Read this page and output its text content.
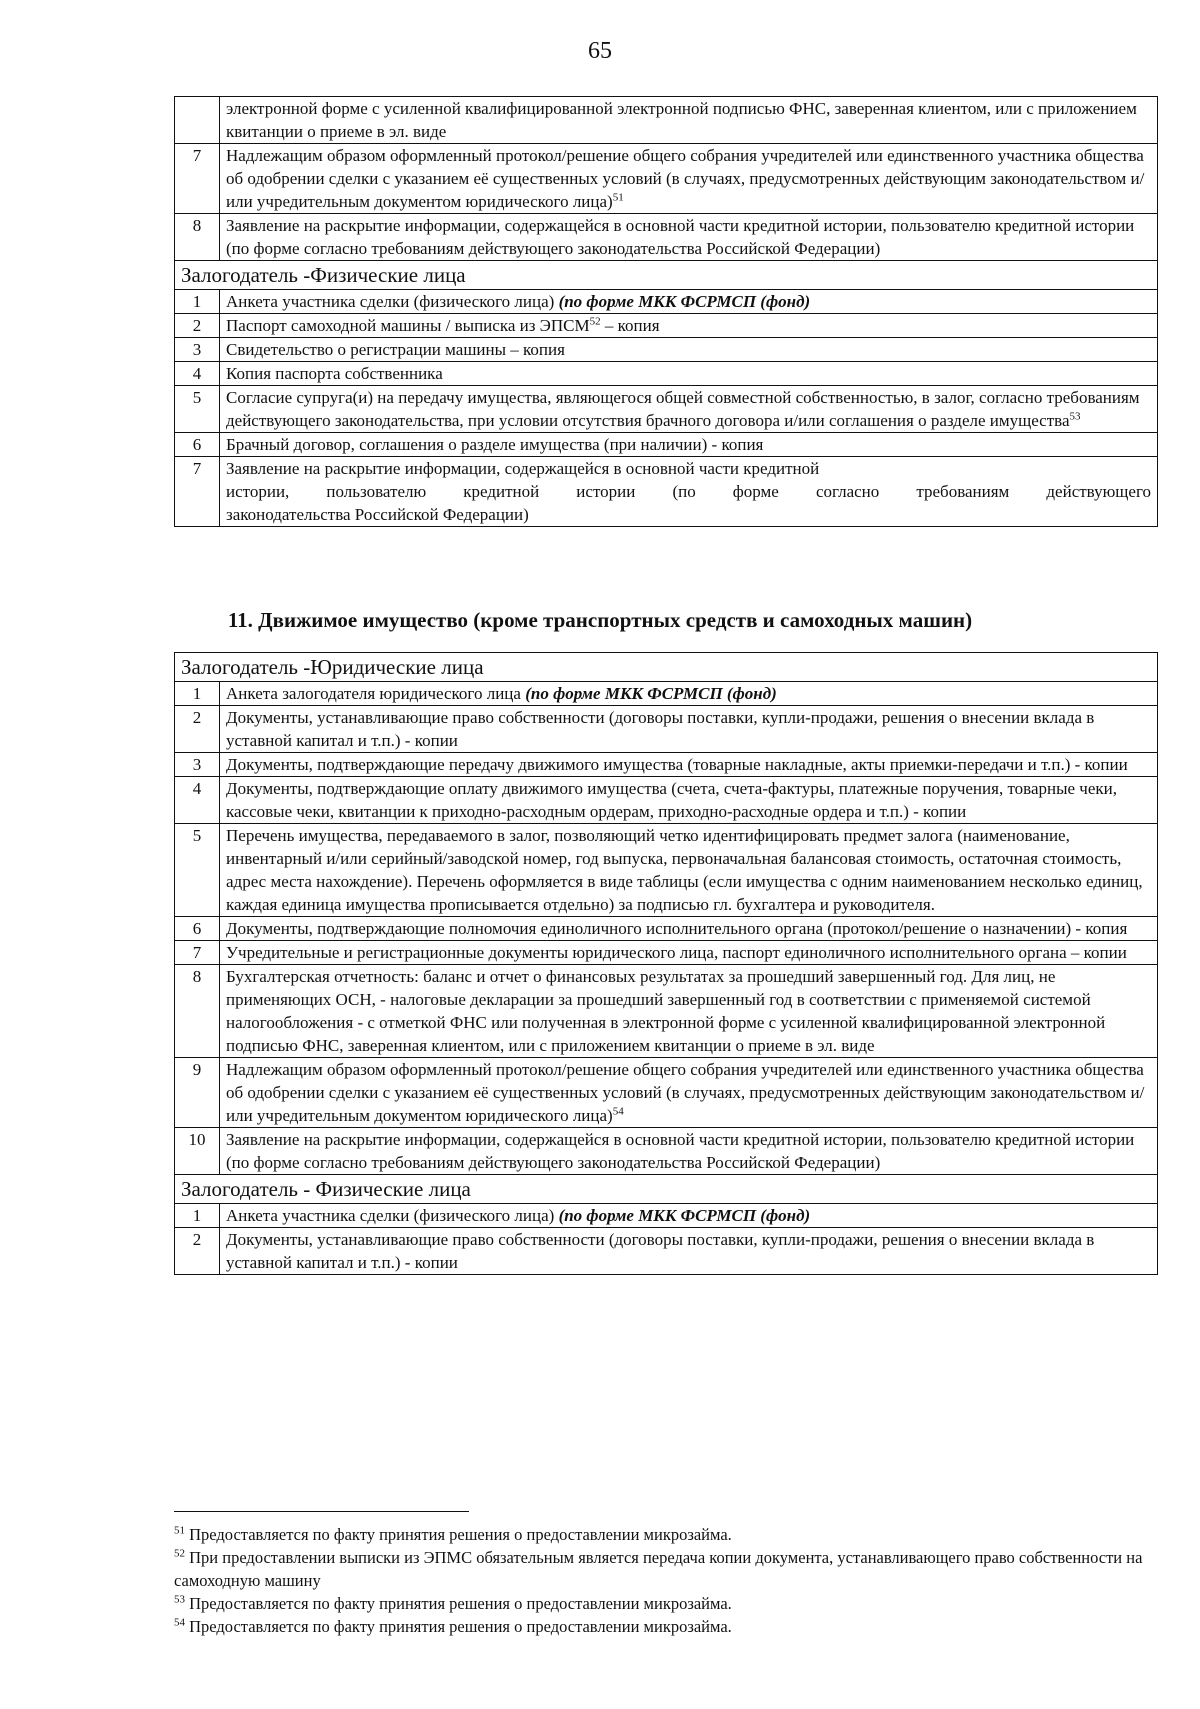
65
	электронной форме с усиленной квалифицированной электронной подписью ФНС, заверенная клиентом, или с приложением квитанции о приеме в эл. виде
7	Надлежащим образом оформленный протокол/решение общего собрания учредителей или единственного участника общества об одобрении сделки с указанием её существенных условий (в случаях, предусмотренных действующим законодательством и/или учредительным документом юридического лица)$^{51}$
8	Заявление на раскрытие информации, содержащейся в основной части кредитной истории, пользователю кредитной истории (по форме согласно требованиям действующего законодательства Российской Федерации)
Залогодатель -Физические лица	
1	Анкета участника сделки (физического лица) (по форме МКК ФСРМСП (фонд)
2	Паспорт самоходной машины / выписка из ЭПСМ$^{52}$ – копия
3	Свидетельство о регистрации машины – копия
4	Копия паспорта собственника
5	Согласие супруга(и) на передачу имущества, являющегося общей совместной собственностью, в залог, согласно требованиям действующего законодательства, при условии отсутствия брачного договора и/или соглашения о разделе имущества$^{53}$
6	Брачный договор, соглашения о разделе имущества (при наличии) - копия
7	Заявление на раскрытие информации, содержащейся в основной части кредитной
истории, пользователю кредитной истории (по форме согласно требованиям действующего
законодательства Российской Федерации)
11. Движимое имущество (кроме транспортных средств и самоходных машин)
Залогодатель -Юридические лица	
1	Анкета залогодателя юридического лица (по форме МКК ФСРМСП (фонд)
2	Документы, устанавливающие право собственности (договоры поставки, купли-продажи, решения о внесении вклада в уставной капитал и т.п.) - копии
3	Документы, подтверждающие передачу движимого имущества (товарные накладные, акты приемки-передачи и т.п.) - копии
4	Документы, подтверждающие оплату движимого имущества (счета, счета-фактуры, платежные поручения, товарные чеки, кассовые чеки, квитанции к приходно-расходным ордерам, приходно-расходные ордера и т.п.) - копии
5	Перечень имущества, передаваемого в залог, позволяющий четко идентифицировать предмет залога (наименование, инвентарный и/или серийный/заводской номер, год выпуска, первоначальная балансовая стоимость, остаточная стоимость, адрес места нахождение). Перечень оформляется в виде таблицы (если имущества с одним наименованием несколько единиц, каждая единица имущества прописывается отдельно) за подписью гл. бухгалтера и руководителя.
6	Документы, подтверждающие полномочия единоличного исполнительного органа (протокол/решение о назначении) - копия
7	Учредительные и регистрационные документы юридического лица, паспорт единоличного исполнительного органа – копии
8	Бухгалтерская отчетность: баланс и отчет о финансовых результатах за прошедший завершенный год. Для лиц, не применяющих ОСН, - налоговые декларации за прошедший завершенный год в соответствии с применяемой системой налогообложения - с отметкой ФНС или полученная в электронной форме с усиленной квалифицированной электронной подписью ФНС, заверенная клиентом, или с приложением квитанции о приеме в эл. виде
9	Надлежащим образом оформленный протокол/решение общего собрания учредителей или единственного участника общества об одобрении сделки с указанием её существенных условий (в случаях, предусмотренных действующим законодательством и/или учредительным документом юридического лица)$^{54}$
10	Заявление на раскрытие информации, содержащейся в основной части кредитной истории, пользователю кредитной истории (по форме согласно требованиям действующего законодательства Российской Федерации)
Залогодатель - Физические лица	
1	Анкета участника сделки (физического лица) (по форме МКК ФСРМСП (фонд)
2	Документы, устанавливающие право собственности (договоры поставки, купли-продажи, решения о внесении вклада в уставной капитал и т.п.) - копии

$^{51}$ Предоставляется по факту принятия решения о предоставлении микрозайма.

$^{52}$ При предоставлении выписки из ЭПМС обязательным является передача копии документа, устанавливающего право собственности на самоходную машину

$^{53}$ Предоставляется по факту принятия решения о предоставлении микрозайма.

$^{54}$ Предоставляется по факту принятия решения о предоставлении микрозайма.
